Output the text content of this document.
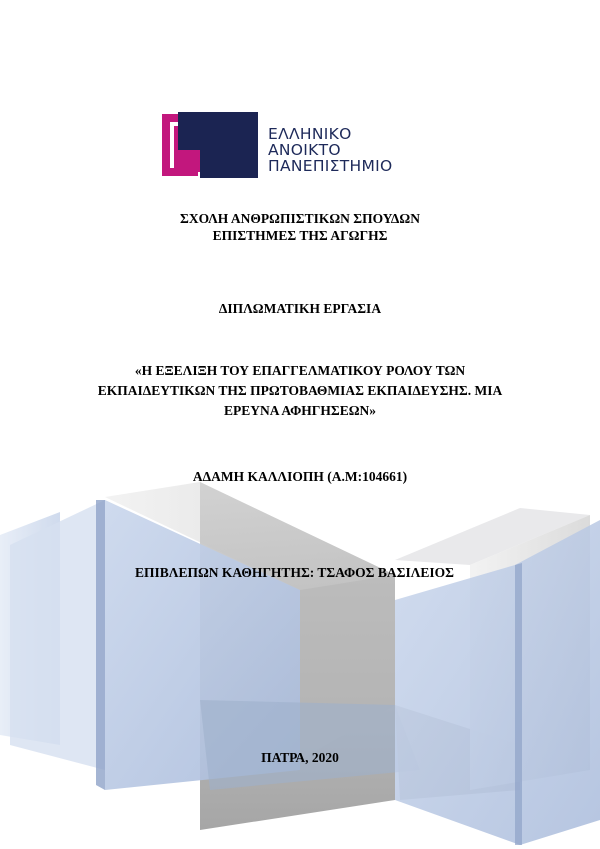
ΕΛΛΗΝΙΚΟ
ΑΝΟΙΚΤΟ
ΠΑΝΕΠΙΣΤΗΜΙΟ
ΣΧΟΛΗ ΑΝΘΡΩΠΙΣΤΙΚΩΝ ΣΠΟΥΔΩΝ
ΕΠΙΣΤΗΜΕΣ ΤΗΣ ΑΓΩΓΗΣ
ΔΙΠΛΩΜΑΤΙΚΗ ΕΡΓΑΣΙΑ
«Η ΕΞΕΛΙΞΗ ΤΟΥ ΕΠΑΓΓΕΛΜΑΤΙΚΟΥ ΡΟΛΟΥ ΤΩΝ
ΕΚΠΑΙΔΕΥΤΙΚΩΝ ΤΗΣ ΠΡΩΤΟΒΑΘΜΙΑΣ ΕΚΠΑΙΔΕΥΣΗΣ. ΜΙΑ
ΕΡΕΥΝΑ ΑΦΗΓΗΣΕΩΝ»
ΑΔΑΜΗ ΚΑΛΛΙΟΠΗ (Α.Μ:104661)
ΕΠΙΒΛΕΠΩΝ ΚΑΘΗΓΗΤΗΣ: ΤΣΑΦΟΣ ΒΑΣΙΛΕΙΟΣ
ΠΑΤΡΑ, 2020
